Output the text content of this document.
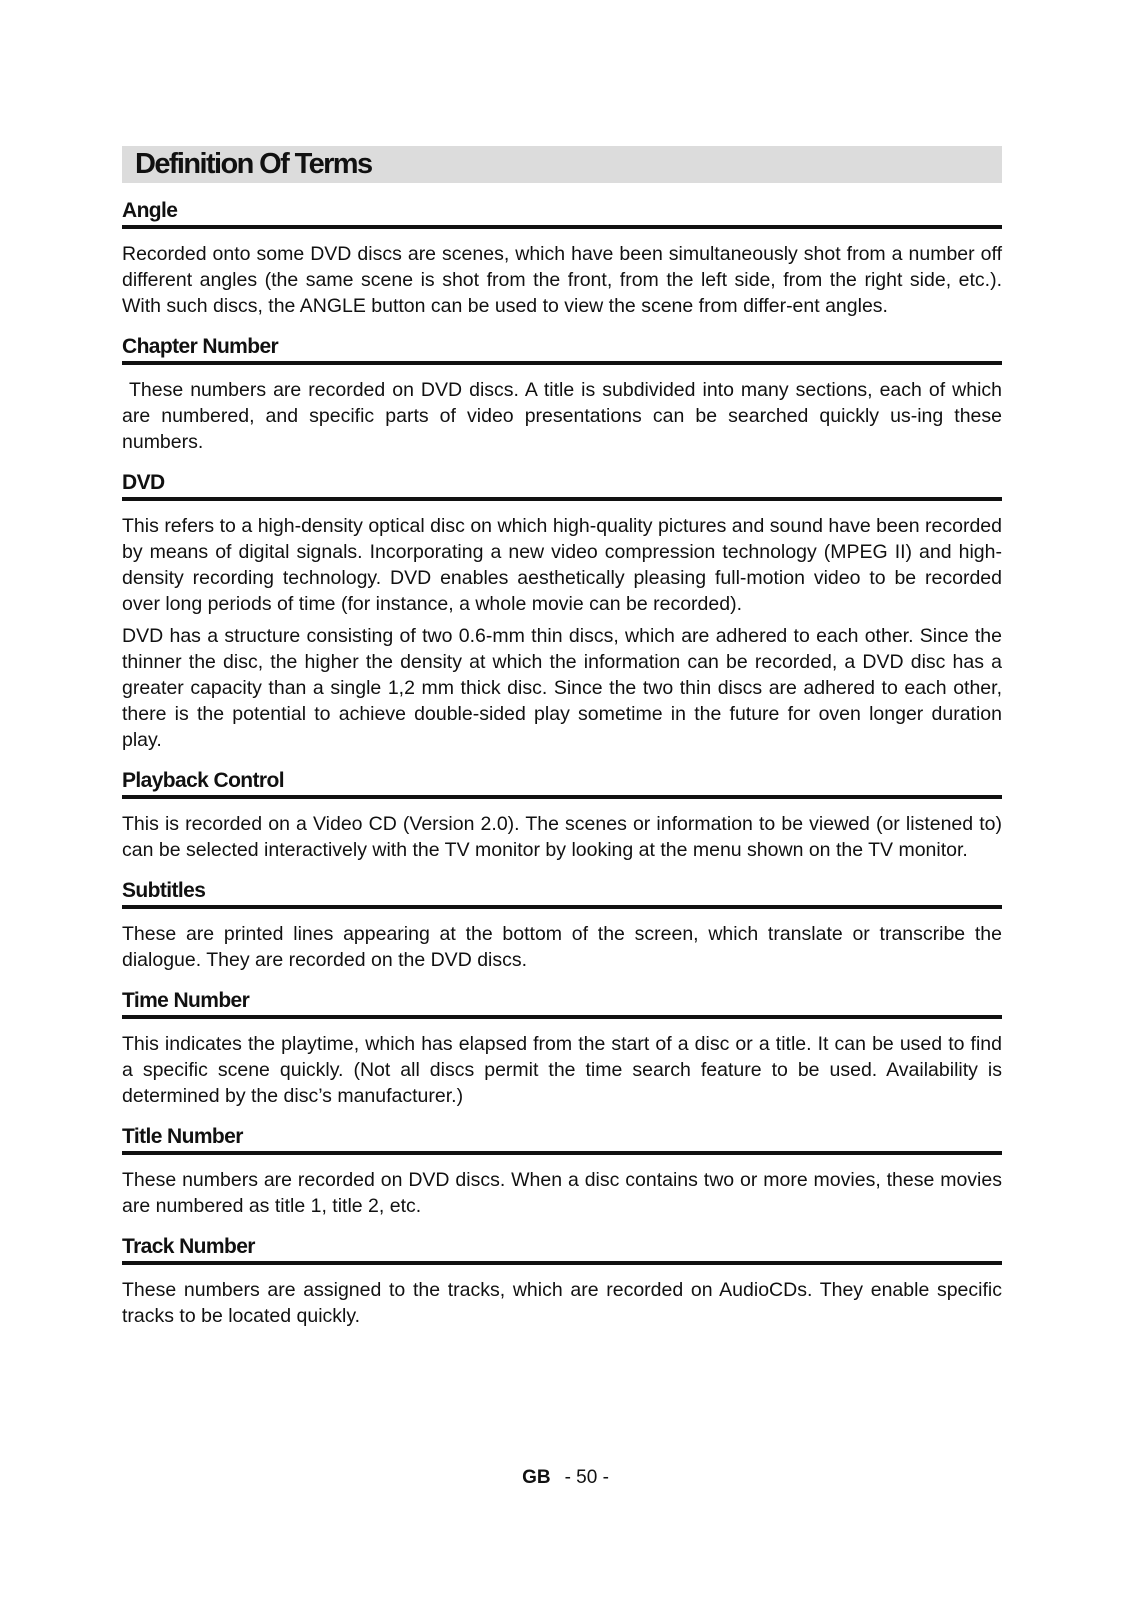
Definition Of Terms
Angle

Recorded onto some DVD discs are scenes, which have been simultaneously shot from a number off different angles (the same scene is shot from the front, from the left side, from the right side, etc.). With such discs, the ANGLE button can be used to view the scene from differ-ent angles.

Chapter Number

These numbers are recorded on DVD discs. A title is subdivided into many sections, each of which are numbered, and specific parts of video presentations can be searched quickly us-ing these numbers.

DVD

This refers to a high-density optical disc on which high-quality pictures and sound have been recorded by means of digital signals. Incorporating a new video compression technology (MPEG II) and high-density recording technology. DVD enables aesthetically pleasing full-motion video to be recorded over long periods of time (for instance, a whole movie can be recorded).

DVD has a structure consisting of two 0.6-mm thin discs, which are adhered to each other. Since the thinner the disc, the higher the density at which the information can be recorded, a DVD disc has a greater capacity than a single 1,2 mm thick disc. Since the two thin discs are adhered to each other, there is the potential to achieve double-sided play sometime in the future for oven longer duration play.

Playback Control

This is recorded on a Video CD (Version 2.0). The scenes or information to be viewed (or listened to) can be selected interactively with the TV monitor by looking at the menu shown on the TV monitor.

Subtitles

These are printed lines appearing at the bottom of the screen, which translate or transcribe the dialogue. They are recorded on the DVD discs.

Time Number

This indicates the playtime, which has elapsed from the start of a disc or a title. It can be used to find a specific scene quickly. (Not all discs permit the time search feature to be used. Availability is determined by the disc’s manufacturer.)

Title Number

These numbers are recorded on DVD discs. When a disc contains two or more movies, these movies are numbered as title 1, title 2, etc.

Track Number

These numbers are assigned to the tracks, which are recorded on AudioCDs. They enable specific tracks to be located quickly.

GB - 50 -
